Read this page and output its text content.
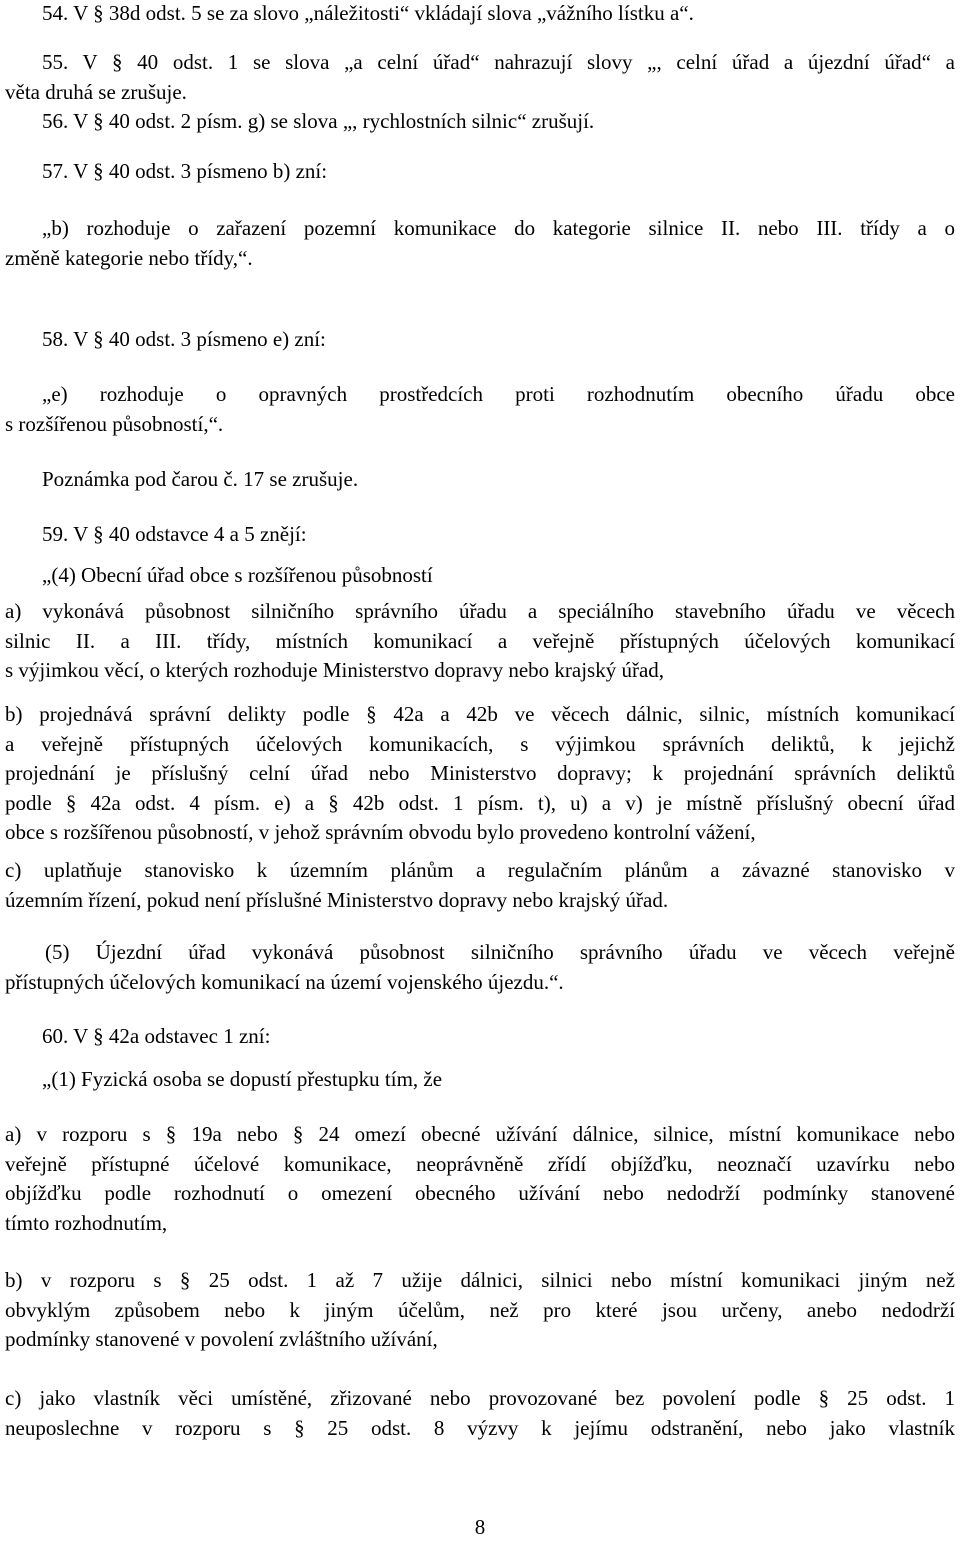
54. V § 38d odst. 5 se za slovo „náležitosti“ vkládají slova „vážního lístku a“.

55. V § 40 odst. 1 se slova „a celní úřad“ nahrazují slovy „, celní úřad a újezdní úřad“ a
věta druhá se zrušuje.

56. V § 40 odst. 2 písm. g) se slova „, rychlostních silnic“ zrušují.

57. V § 40 odst. 3 písmeno b) zní:

„b) rozhoduje o zařazení pozemní komunikace do kategorie silnice II. nebo III. třídy a o
změně kategorie nebo třídy,“.

58. V § 40 odst. 3 písmeno e) zní:

„e) rozhoduje o opravných prostředcích proti rozhodnutím obecního úřadu obce
s rozšířenou působností,“.

Poznámka pod čarou č. 17 se zrušuje.

59. V § 40 odstavce 4 a 5 znějí:

„(4) Obecní úřad obce s rozšířenou působností

a) vykonává působnost silničního správního úřadu a speciálního stavebního úřadu ve věcech
silnic II. a III. třídy, místních komunikací a veřejně přístupných účelových komunikací
s výjimkou věcí, o kterých rozhoduje Ministerstvo dopravy nebo krajský úřad,

b) projednává správní delikty podle § 42a a 42b ve věcech dálnic, silnic, místních komunikací
a veřejně přístupných účelových komunikacích, s výjimkou správních deliktů, k jejichž
projednání je příslušný celní úřad nebo Ministerstvo dopravy; k projednání správních deliktů
podle § 42a odst. 4 písm. e) a § 42b odst. 1 písm. t), u) a v) je místně příslušný obecní úřad
obce s rozšířenou působností, v jehož správním obvodu bylo provedeno kontrolní vážení,

c) uplatňuje stanovisko k územním plánům a regulačním plánům a závazné stanovisko v
územním řízení, pokud není příslušné Ministerstvo dopravy nebo krajský úřad.

(5) Újezdní úřad vykonává působnost silničního správního úřadu ve věcech veřejně
přístupných účelových komunikací na území vojenského újezdu.“.

60. V § 42a odstavec 1 zní:

„(1) Fyzická osoba se dopustí přestupku tím, že

a) v rozporu s § 19a nebo § 24 omezí obecné užívání dálnice, silnice, místní komunikace nebo
veřejně přístupné účelové komunikace, neoprávněně zřídí objížďku, neoznačí uzavírku nebo
objížďku podle rozhodnutí o omezení obecného užívání nebo nedodrží podmínky stanovené
tímto rozhodnutím,

b) v rozporu s § 25 odst. 1 až 7 užije dálnici, silnici nebo místní komunikaci jiným než
obvyklým způsobem nebo k jiným účelům, než pro které jsou určeny, anebo nedodrží
podmínky stanovené v povolení zvláštního užívání,

c) jako vlastník věci umístěné, zřizované nebo provozované bez povolení podle § 25 odst. 1
neuposlechne v rozporu s § 25 odst. 8 výzvy k jejímu odstranění, nebo jako vlastník

8
